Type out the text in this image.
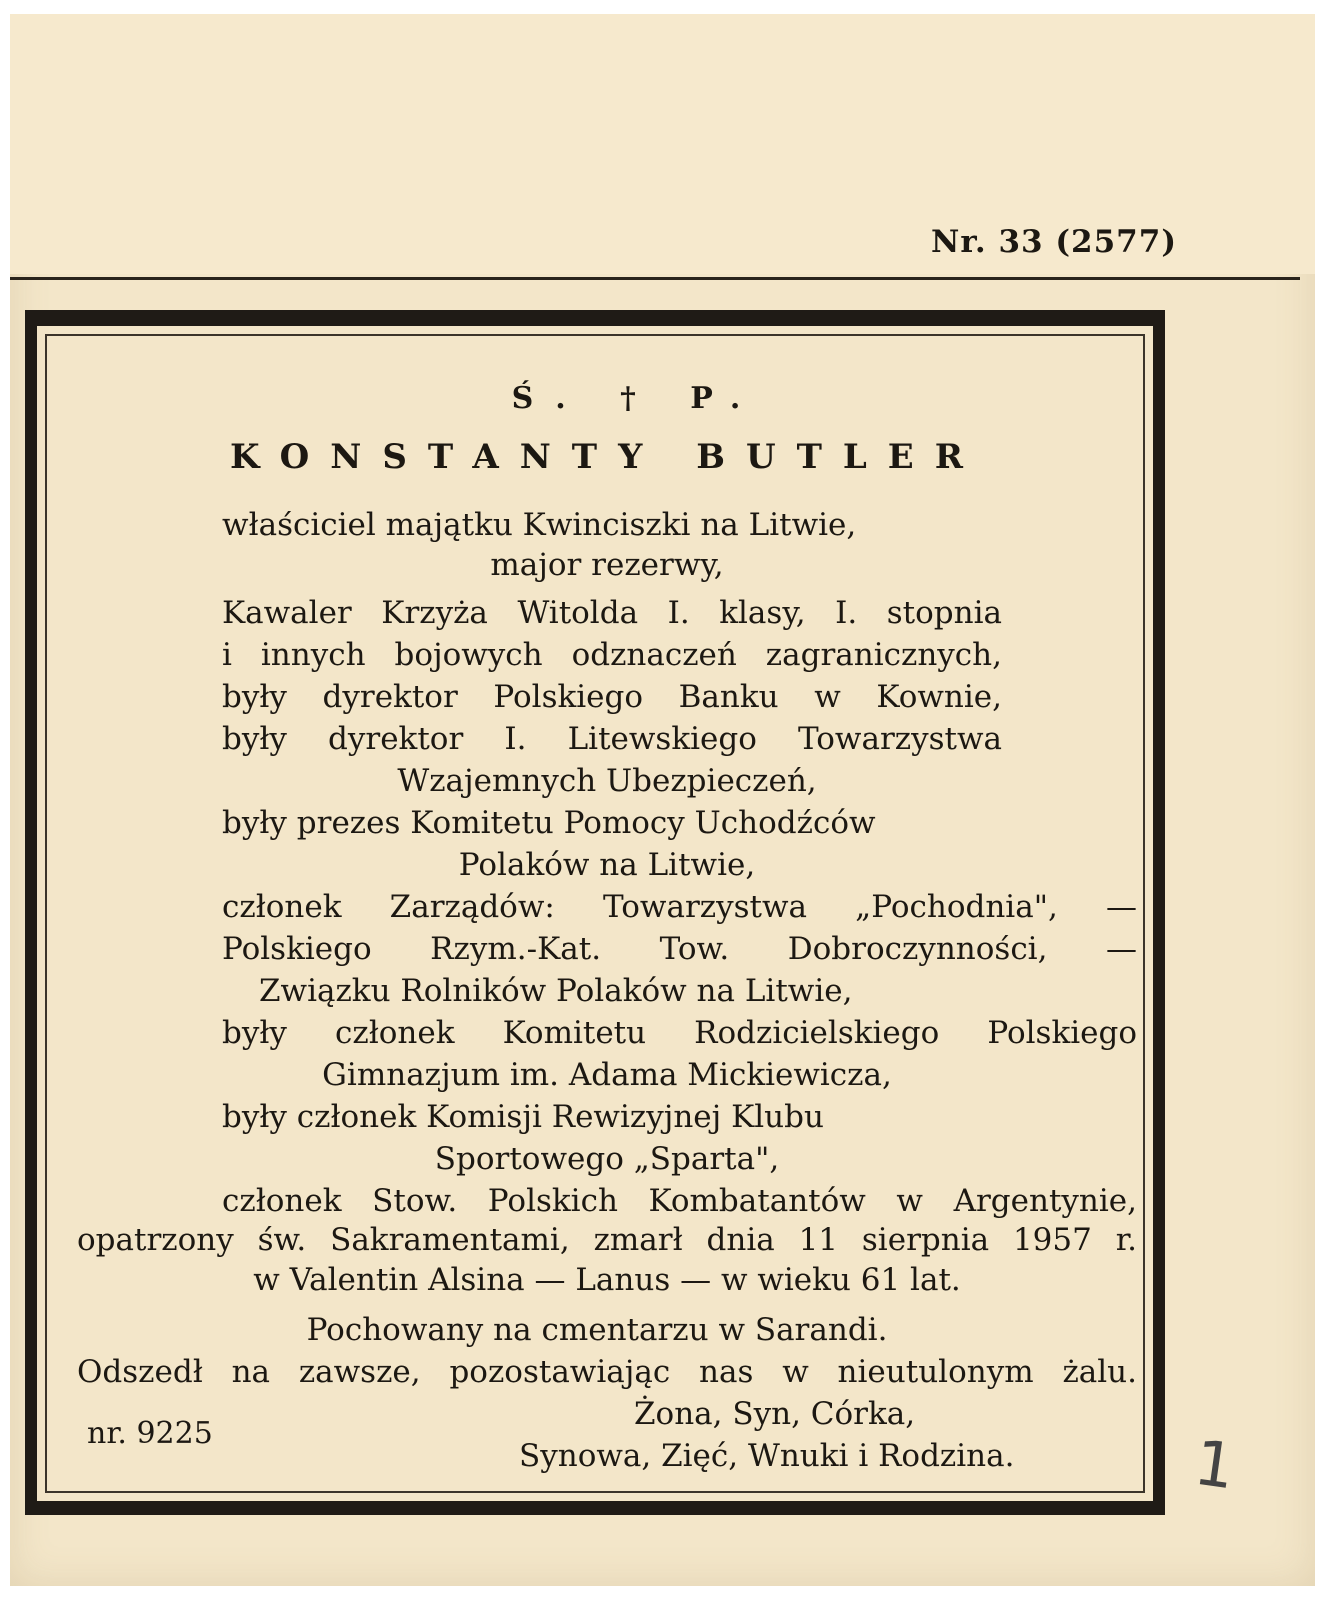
Nr. 33 (2577)
Ś. † P.
KONSTANTY BUTLER
właściciel majątku Kwinciszki na Litwie,
major rezerwy,
Kawaler Krzyża Witolda I. klasy, I. stopnia
i innych bojowych odznaczeń zagranicznych,
były dyrektor Polskiego Banku w Kownie,
były dyrektor I. Litewskiego Towarzystwa
Wzajemnych Ubezpieczeń,
były prezes Komitetu Pomocy Uchodźców
Polaków na Litwie,
członek Zarządów: Towarzystwa „Pochodnia", —
Polskiego Rzym.-Kat. Tow. Dobroczynności, —
Związku Rolników Polaków na Litwie,
były członek Komitetu Rodzicielskiego Polskiego
Gimnazjum im. Adama Mickiewicza,
były członek Komisji Rewizyjnej Klubu
Sportowego „Sparta",
członek Stow. Polskich Kombatantów w Argentynie,
opatrzony św. Sakramentami, zmarł dnia 11 sierpnia 1957 r.
w Valentin Alsina — Lanus — w wieku 61 lat.
Pochowany na cmentarzu w Sarandi.
Odszedł na zawsze, pozostawiając nas w nieutulonym żalu.
Żona, Syn, Córka,
nr. 9225
Synowa, Zięć, Wnuki i Rodzina.	1
